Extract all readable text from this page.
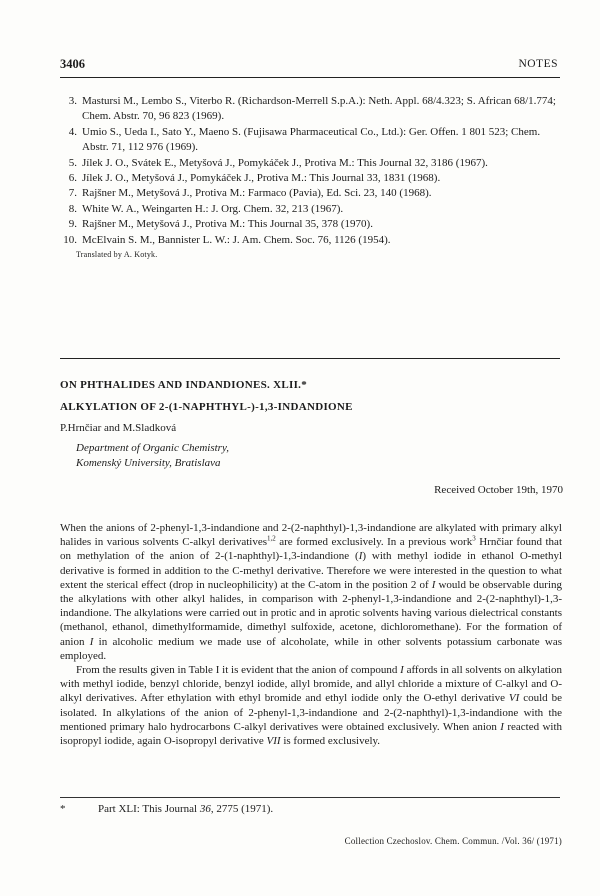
3406	NOTES
3. Mastursi M., Lembo S., Viterbo R. (Richardson-Merrell S.p.A.): Neth. Appl. 68/4.323; S. African 68/1.774; Chem. Abstr. 70, 96 823 (1969).
4. Umio S., Ueda I., Sato Y., Maeno S. (Fujisawa Pharmaceutical Co., Ltd.): Ger. Offen. 1 801 523; Chem. Abstr. 71, 112 976 (1969).
5. Jílek J. O., Svátek E., Metyšová J., Pomykáček J., Protiva M.: This Journal 32, 3186 (1967).
6. Jílek J. O., Metyšová J., Pomykáček J., Protiva M.: This Journal 33, 1831 (1968).
7. Rajšner M., Metyšová J., Protiva M.: Farmaco (Pavia), Ed. Sci. 23, 140 (1968).
8. White W. A., Weingarten H.: J. Org. Chem. 32, 213 (1967).
9. Rajšner M., Metyšová J., Protiva M.: This Journal 35, 378 (1970).
10. McElvain S. M., Bannister L. W.: J. Am. Chem. Soc. 76, 1126 (1954).
Translated by A. Kotyk.
ON PHTHALIDES AND INDANDIONES. XLII.*
ALKYLATION OF 2-(1-NAPHTHYL-)-1,3-INDANDIONE
P.Hrnčiar and M.Sladková
Department of Organic Chemistry,
Komenský University, Bratislava
Received October 19th, 1970

When the anions of 2-phenyl-1,3-indandione and 2-(2-naphthyl)-1,3-indandione are alkylated with primary alkyl halides in various solvents C-alkyl derivatives$^{1,2}$ are formed exclusively. In a previous work$^3$ Hrnčiar found that on methylation of the anion of 2-(1-naphthyl)-1,3-indandione (I) with methyl iodide in ethanol O-methyl derivative is formed in addition to the C-methyl derivative. Therefore we were interested in the question to what extent the sterical effect (drop in nucleophilicity) at the C-atom in the position 2 of I would be observable during the alkylations with other alkyl halides, in comparison with 2-phenyl-1,3-indandione and 2-(2-naphthyl)-1,3-indandione. The alkylations were carried out in protic and in aprotic solvents having various dielectrical constants (methanol, ethanol, dimethylformamide, dimethyl sulfoxide, acetone, dichloromethane). For the formation of anion I in alcoholic medium we made use of alcoholate, while in other solvents potassium carbonate was employed.

From the results given in Table I it is evident that the anion of compound I affords in all solvents on alkylation with methyl iodide, benzyl chloride, benzyl iodide, allyl bromide, and allyl chloride a mixture of C-alkyl and O-alkyl derivatives. After ethylation with ethyl bromide and ethyl iodide only the O-ethyl derivative VI could be isolated. In alkylations of the anion of 2-phenyl-1,3-indandione and 2-(2-naphthyl)-1,3-indandione with the mentioned primary halo hydrocarbons C-alkyl derivatives were obtained exclusively. When anion I reacted with isopropyl iodide, again O-isopropyl derivative VII is formed exclusively.

*	Part XLI: This Journal 36, 2775 (1971).
Collection Czechoslov. Chem. Commun. /Vol. 36/ (1971)
